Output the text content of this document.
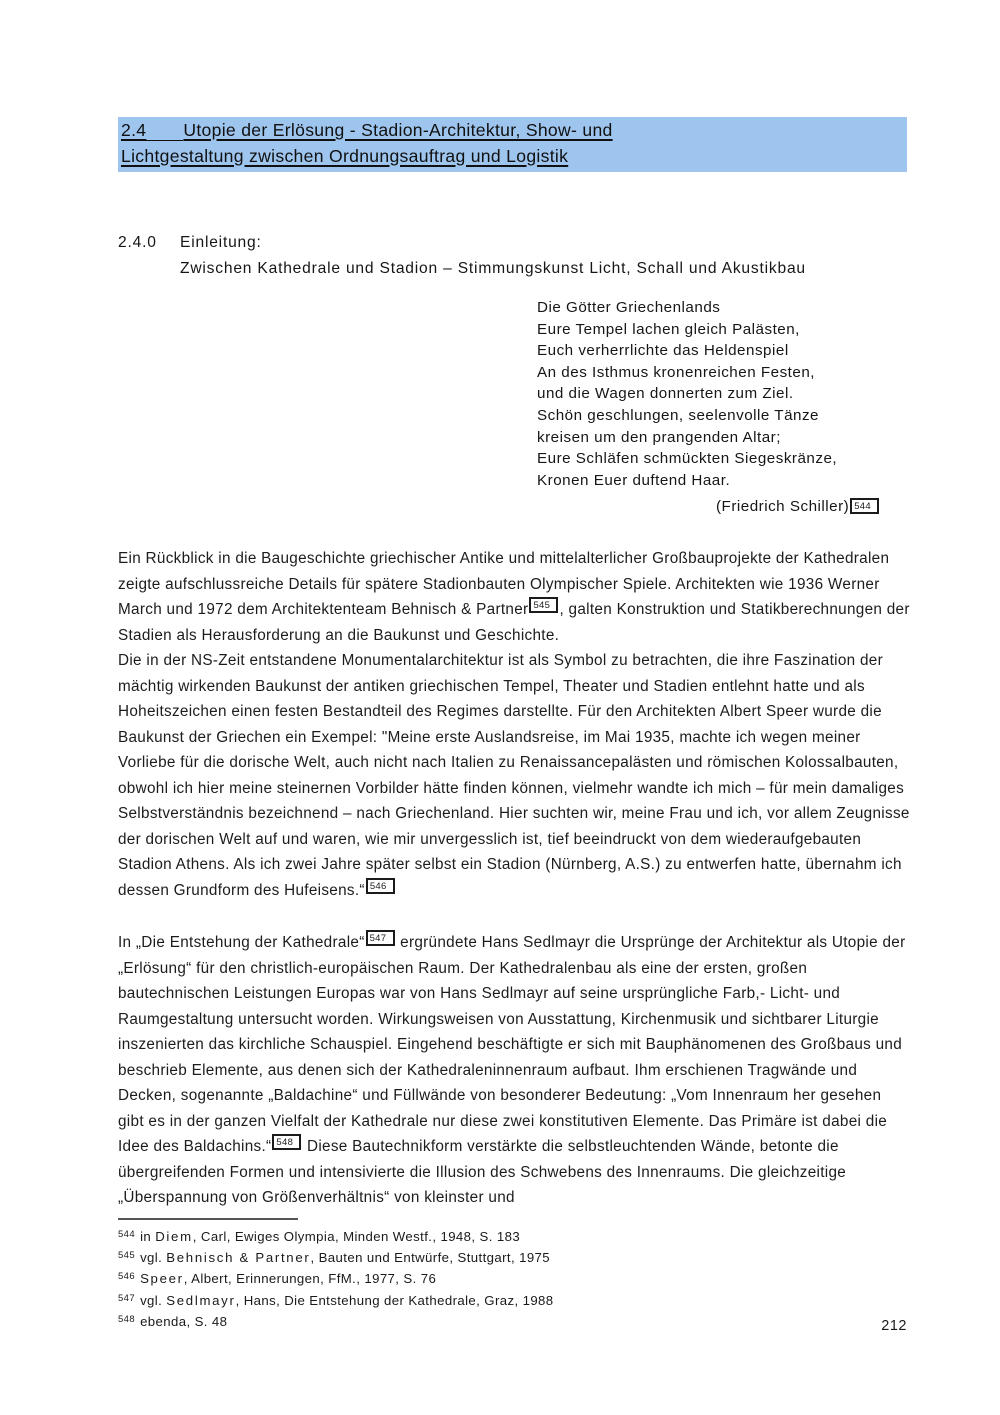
2.4 Utopie der Erlösung - Stadion-Architektur, Show- und
Lichtgestaltung zwischen Ordnungsauftrag und Logistik
2.4.0 Einleitung:
Zwischen Kathedrale und Stadion – Stimmungskunst Licht, Schall und Akustikbau
Die Götter Griechenlands
Eure Tempel lachen gleich Palästen,
Euch verherrlichte das Heldenspiel
An des Isthmus kronenreichen Festen,
und die Wagen donnerten zum Ziel.
Schön geschlungen, seelenvolle Tänze
kreisen um den prangenden Altar;
Eure Schläfen schmückten Siegeskränze,
Kronen Euer duftend Haar.
(Friedrich Schiller) 544

Ein Rückblick in die Baugeschichte griechischer Antike und mittelalterlicher Großbauprojekte der Kathedralen zeigte aufschlussreiche Details für spätere Stadionbauten Olympischer Spiele. Architekten wie 1936 Werner March und 1972 dem Architektenteam Behnisch & Partner 545 , galten Konstruktion und Statikberechnungen der Stadien als Herausforderung an die Baukunst und Geschichte.

Die in der NS-Zeit entstandene Monumentalarchitektur ist als Symbol zu betrachten, die ihre Faszination der mächtig wirkenden Baukunst der antiken griechischen Tempel, Theater und Stadien entlehnt hatte und als Hoheitszeichen einen festen Bestandteil des Regimes darstellte. Für den Architekten Albert Speer wurde die Baukunst der Griechen ein Exempel: "Meine erste Auslandsreise, im Mai 1935, machte ich wegen meiner Vorliebe für die dorische Welt, auch nicht nach Italien zu Renaissancepalästen und römischen Kolossalbauten, obwohl ich hier meine steinernen Vorbilder hätte finden können, vielmehr wandte ich mich – für mein damaliges Selbstverständnis bezeichnend – nach Griechenland. Hier suchten wir, meine Frau und ich, vor allem Zeugnisse der dorischen Welt auf und waren, wie mir unvergesslich ist, tief beeindruckt von dem wiederaufgebauten Stadion Athens. Als ich zwei Jahre später selbst ein Stadion (Nürnberg, A.S.) zu entwerfen hatte, übernahm ich dessen Grundform des Hufeisens.“ 546

In „Die Entstehung der Kathedrale“ 547 ergründete Hans Sedlmayr die Ursprünge der Architektur als Utopie der „Erlösung“ für den christlich-europäischen Raum. Der Kathedralenbau als eine der ersten, großen bautechnischen Leistungen Europas war von Hans Sedlmayr auf seine ursprüngliche Farb,- Licht- und Raumgestaltung untersucht worden. Wirkungsweisen von Ausstattung, Kirchenmusik und sichtbarer Liturgie inszenierten das kirchliche Schauspiel. Eingehend beschäftigte er sich mit Bauphänomenen des Großbaus und beschrieb Elemente, aus denen sich der Kathedraleninnenraum aufbaut. Ihm erschienen Tragwände und Decken, sogenannte „Baldachine“ und Füllwände von besonderer Bedeutung: „Vom Innenraum her gesehen gibt es in der ganzen Vielfalt der Kathedrale nur diese zwei konstitutiven Elemente. Das Primäre ist dabei die Idee des Baldachins.“ 548 Diese Bautechnikform verstärkte die selbstleuchtenden Wände, betonte die übergreifenden Formen und intensivierte die Illusion des Schwebens des Innenraums. Die gleichzeitige „Überspannung von Größenverhältnis“ von kleinster und

$^{544}$ in Diem, Carl, Ewiges Olympia, Minden Westf., 1948, S. 183
$^{545}$ vgl. Behnisch & Partner, Bauten und Entwürfe, Stuttgart, 1975
$^{546}$ Speer, Albert, Erinnerungen, FfM., 1977, S. 76
$^{547}$ vgl. Sedlmayr, Hans, Die Entstehung der Kathedrale, Graz, 1988
$^{548}$ ebenda, S. 48	212
